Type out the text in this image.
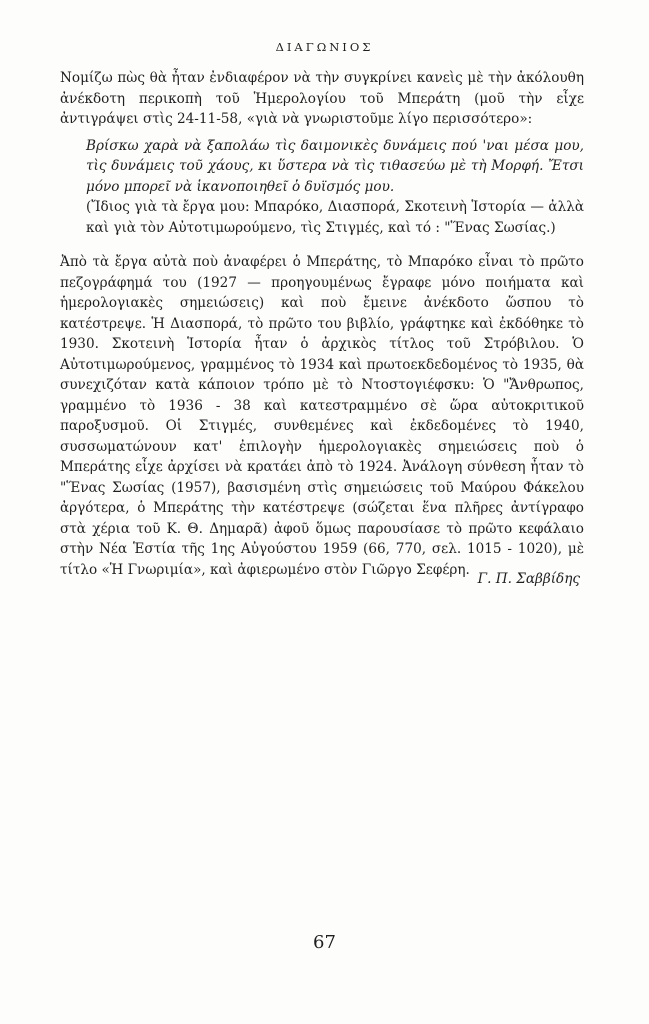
ΔΙΑΓΩΝΙΟΣ

Νομίζω πὼς θὰ ἦταν ἐνδιαφέρον νὰ τὴν συγκρίνει κανεὶς μὲ τὴν ἀκόλουθη ἀνέκδοτη περικοπὴ τοῦ Ἡμερολογίου τοῦ Μπεράτη (μοῦ τὴν εἶχε ἀντιγράψει στὶς 24-11-58, «γιὰ νὰ γνωριστοῦμε λίγο περισσότερο»:

Βρίσκω χαρὰ νὰ ξαπολάω τὶς δαιμονικὲς δυνάμεις πού 'ναι μέσα μου, τὶς δυνάμεις τοῦ χάους, κι ὕστερα νὰ τὶς τιθασεύω μὲ τὴ Μορφή. Ἔτσι μόνο μπορεῖ νὰ ἱκανοποιηθεῖ ὁ δυϊσμός μου.

(Ἴδιος γιὰ τὰ ἔργα μου: Μπαρόκο, Διασπορά, Σκοτεινὴ Ἱστορία — ἀλλὰ καὶ γιὰ τὸν Αὐτοτιμωρούμενο, τὶς Στιγμές, καὶ τό : "Ἕνας Σωσίας.)

Ἀπὸ τὰ ἔργα αὐτὰ ποὺ ἀναφέρει ὁ Μπεράτης, τὸ Μπαρόκο εἶναι τὸ πρῶτο πεζογράφημά του (1927 — προηγουμένως ἔγραφε μόνο ποιήματα καὶ ἡμερολογιακὲς σημειώσεις) καὶ ποὺ ἔμεινε ἀνέκδοτο ὥσπου τὸ κατέστρεψε. Ἡ Διασπορά, τὸ πρῶτο του βιβλίο, γράφτηκε καὶ ἐκδόθηκε τὸ 1930. Σκοτεινὴ Ἱστορία ἦταν ὁ ἀρχικὸς τίτλος τοῦ Στρόβιλου. Ὁ Αὐτοτιμωρούμενος, γραμμένος τὸ 1934 καὶ πρωτοεκδεδομένος τὸ 1935, θὰ συνεχιζόταν κατὰ κάποιον τρόπο μὲ τὸ Ντοστογιέφσκυ: Ὁ "Ἄνθρωπος, γραμμένο τὸ 1936 - 38 καὶ κατεστραμμένο σὲ ὥρα αὐτοκριτικοῦ παροξυσμοῦ. Οἱ Στιγμές, συνθεμένες καὶ ἐκδεδομένες τὸ 1940, συσσωματώνουν κατ' ἐπιλογὴν ἡμερολογιακὲς σημειώσεις ποὺ ὁ Μπεράτης εἶχε ἀρχίσει νὰ κρατάει ἀπὸ τὸ 1924. Ἀνάλογη σύνθεση ἦταν τὸ "Ἕνας Σωσίας (1957), βασισμένη στὶς σημειώσεις τοῦ Μαύρου Φάκελου ἀργότερα, ὁ Μπεράτης τὴν κατέστρεψε (σώζεται ἕνα πλῆρες ἀντίγραφο στὰ χέρια τοῦ Κ. Θ. Δημαρᾶ) ἀφοῦ ὅμως παρουσίασε τὸ πρῶτο κεφάλαιο στὴν Νέα Ἑστία τῆς 1ης Αὐγούστου 1959 (66, 770, σελ. 1015 - 1020), μὲ τίτλο «Ἡ Γνωριμία», καὶ ἀφιερωμένο στὸν Γιῶργο Σεφέρη.

Γ. Π. Σαββίδης
67
